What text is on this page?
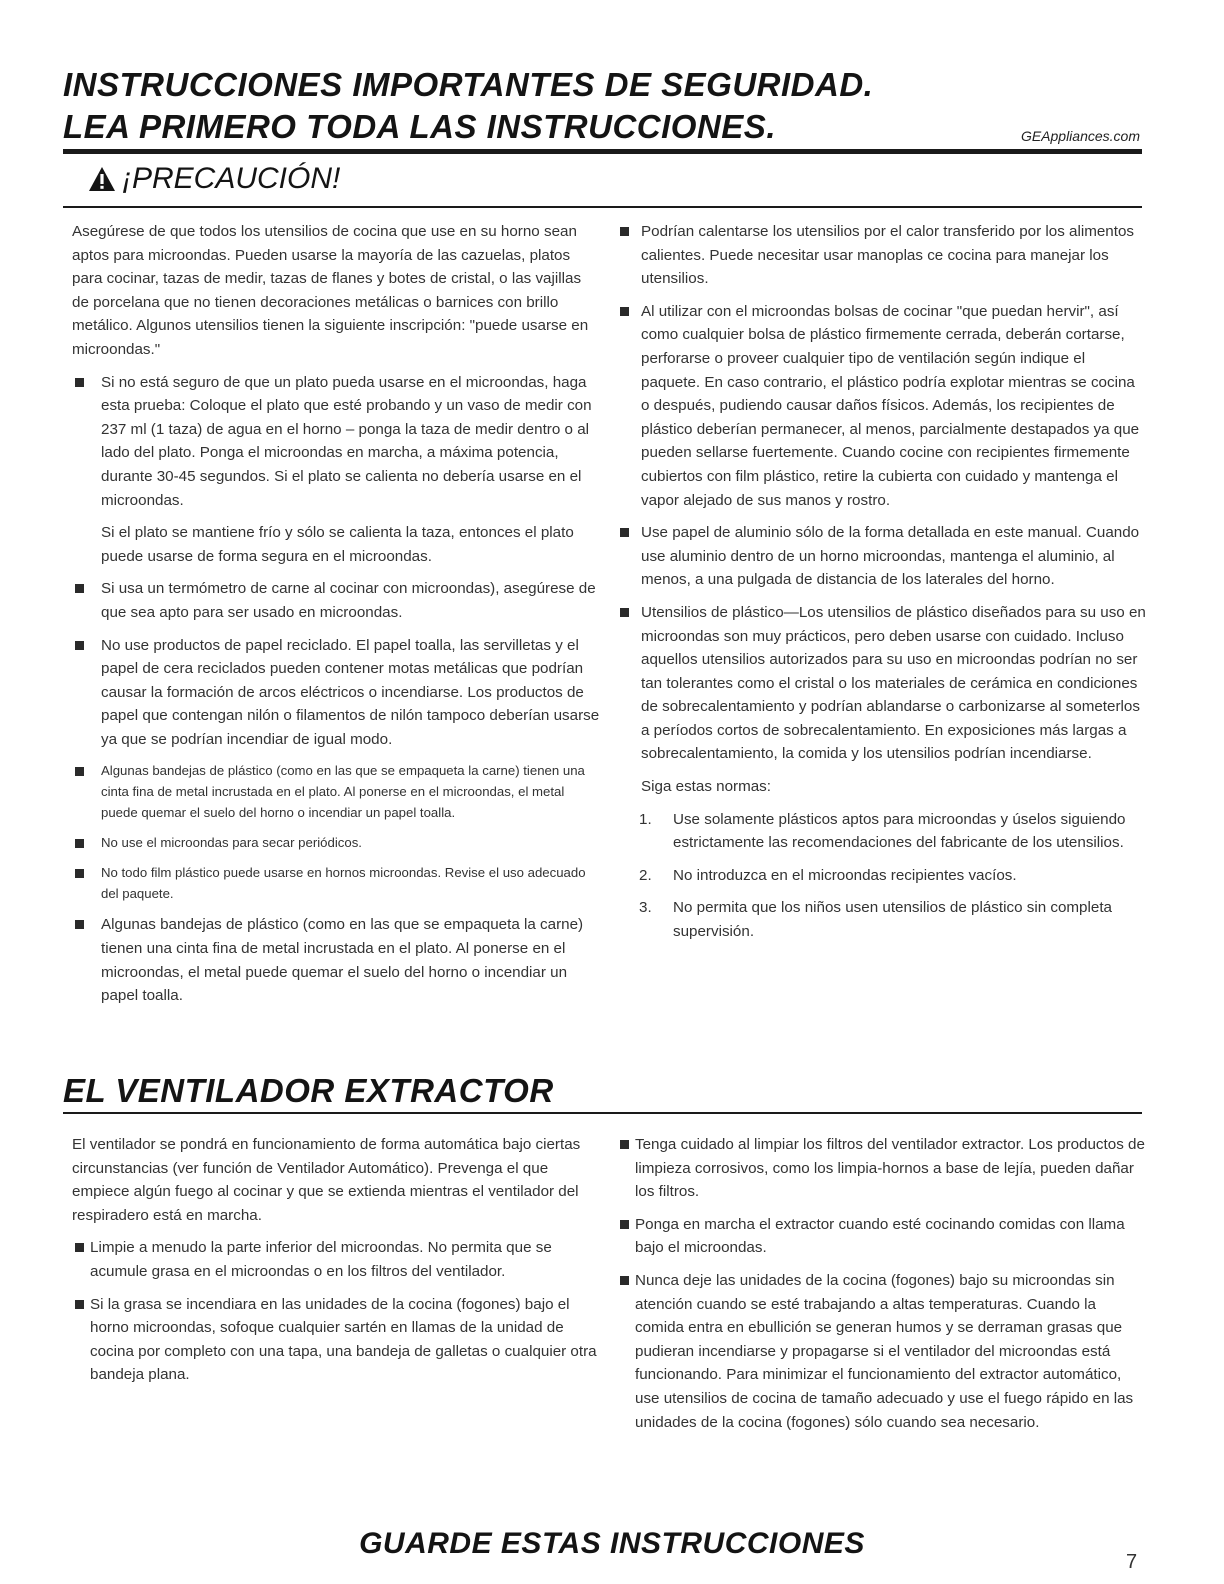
INSTRUCCIONES IMPORTANTES DE SEGURIDAD.
LEA PRIMERO TODA LAS INSTRUCCIONES.	GEAppliances.com
¡PRECAUCIÓN!

Asegúrese de que todos los utensilios de cocina que use en su horno sean aptos para microondas. Pueden usarse la mayoría de las cazuelas, platos para cocinar, tazas de medir, tazas de flanes y botes de cristal, o las vajillas de porcelana que no tienen decoraciones metálicas o barnices con brillo metálico. Algunos utensilios tienen la siguiente inscripción: "puede usarse en microondas."

Si no está seguro de que un plato pueda usarse en el microondas, haga esta prueba: Coloque el plato que esté probando y un vaso de medir con 237 ml (1 taza) de agua en el horno – ponga la taza de medir dentro o al lado del plato. Ponga el microondas en marcha, a máxima potencia, durante 30-45 segundos. Si el plato se calienta no debería usarse en el microondas.
Si el plato se mantiene frío y sólo se calienta la taza, entonces el plato puede usarse de forma segura en el microondas.
Si usa un termómetro de carne al cocinar con microondas), asegúrese de que sea apto para ser usado en microondas.
No use productos de papel reciclado. El papel toalla, las servilletas y el papel de cera reciclados pueden contener motas metálicas que podrían causar la formación de arcos eléctricos o incendiarse. Los productos de papel que contengan nilón o filamentos de nilón tampoco deberían usarse ya que se podrían incendiar de igual modo.
Algunas bandejas de plástico (como en las que se empaqueta la carne) tienen una cinta fina de metal incrustada en el plato. Al ponerse en el microondas, el metal puede quemar el suelo del horno o incendiar un papel toalla.
No use el microondas para secar periódicos.
No todo film plástico puede usarse en hornos microondas. Revise el uso adecuado del paquete.
Algunas bandejas de plástico (como en las que se empaqueta la carne) tienen una cinta fina de metal incrustada en el plato. Al ponerse en el microondas, el metal puede quemar el suelo del horno o incendiar un papel toalla.
Podrían calentarse los utensilios por el calor transferido por los alimentos calientes. Puede necesitar usar manoplas ce cocina para manejar los utensilios.
Al utilizar con el microondas bolsas de cocinar "que puedan hervir", así como cualquier bolsa de plástico firmemente cerrada, deberán cortarse, perforarse o proveer cualquier tipo de ventilación según indique el paquete. En caso contrario, el plástico podría explotar mientras se cocina o después, pudiendo causar daños físicos. Además, los recipientes de plástico deberían permanecer, al menos, parcialmente destapados ya que pueden sellarse fuertemente. Cuando cocine con recipientes firmemente cubiertos con film plástico, retire la cubierta con cuidado y mantenga el vapor alejado de sus manos y rostro.
Use papel de aluminio sólo de la forma detallada en este manual. Cuando use aluminio dentro de un horno microondas, mantenga el aluminio, al menos, a una pulgada de distancia de los laterales del horno.
Utensilios de plástico—Los utensilios de plástico diseñados para su uso en microondas son muy prácticos, pero deben usarse con cuidado. Incluso aquellos utensilios autorizados para su uso en microondas podrían no ser tan tolerantes como el cristal o los materiales de cerámica en condiciones de sobrecalentamiento y podrían ablandarse o carbonizarse al someterlos a períodos cortos de sobrecalentamiento. En exposiciones más largas a sobrecalentamiento, la comida y los utensilios podrían incendiarse.
Siga estas normas:
1. Use solamente plásticos aptos para microondas y úselos siguiendo estrictamente las recomendaciones del fabricante de los utensilios.
2. No introduzca en el microondas recipientes vacíos.
3. No permita que los niños usen utensilios de plástico sin completa supervisión.
EL VENTILADOR EXTRACTOR

El ventilador se pondrá en funcionamiento de forma automática bajo ciertas circunstancias (ver función de Ventilador Automático). Prevenga el que empiece algún fuego al cocinar y que se extienda mientras el ventilador del respiradero está en marcha.

Limpie a menudo la parte inferior del microondas. No permita que se acumule grasa en el microondas o en los filtros del ventilador.
Si la grasa se incendiara en las unidades de la cocina (fogones) bajo el horno microondas, sofoque cualquier sartén en llamas de la unidad de cocina por completo con una tapa, una bandeja de galletas o cualquier otra bandeja plana.
Tenga cuidado al limpiar los filtros del ventilador extractor. Los productos de limpieza corrosivos, como los limpia-hornos a base de lejía, pueden dañar los filtros.
Ponga en marcha el extractor cuando esté cocinando comidas con llama bajo el microondas.
Nunca deje las unidades de la cocina (fogones) bajo su microondas sin atención cuando se esté trabajando a altas temperaturas. Cuando la comida entra en ebullición se generan humos y se derraman grasas que pudieran incendiarse y propagarse si el ventilador del microondas está funcionando. Para minimizar el funcionamiento del extractor automático, use utensilios de cocina de tamaño adecuado y use el fuego rápido en las unidades de la cocina (fogones) sólo cuando sea necesario.
GUARDE ESTAS INSTRUCCIONES
7
